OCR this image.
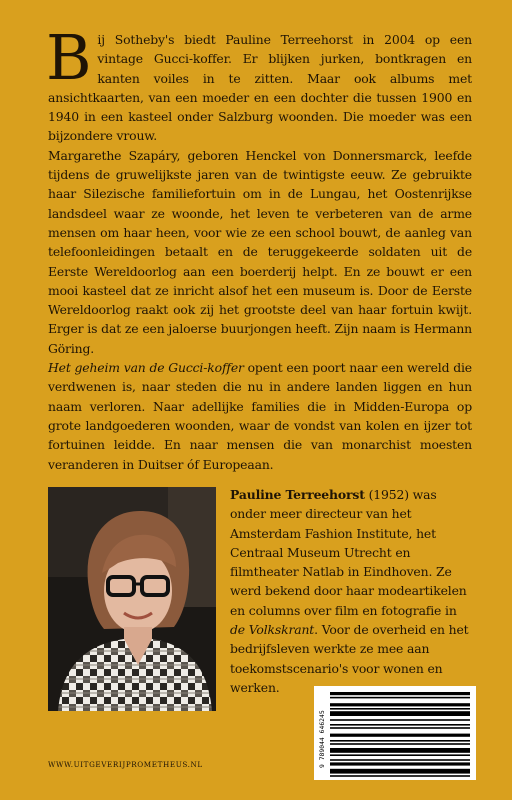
Bij Sotheby's biedt Pauline Terreehorst in 2004 op een vintage Gucci-koffer. Er blijken jurken, bontkragen en kanten voiles in te zitten. Maar ook albums met ansichtkaarten, van een moeder en een dochter die tussen 1900 en 1940 in een kasteel onder Salzburg woonden. Die moeder was een bijzondere vrouw.

Margarethe Szapáry, geboren Henckel von Donnersmarck, leefde tijdens de gruwelijkste jaren van de twintigste eeuw. Ze gebruikte haar Silezische familiefortuin om in de Lungau, het Oostenrijkse landsdeel waar ze woonde, het leven te verbeteren van de arme mensen om haar heen, voor wie ze een school bouwt, de aanleg van telefoonleidingen betaalt en de teruggekeerde soldaten uit de Eerste Wereldoorlog aan een boerderij helpt. En ze bouwt er een mooi kasteel dat ze inricht alsof het een museum is. Door de Eerste Wereldoorlog raakt ook zij het grootste deel van haar fortuin kwijt. Erger is dat ze een jaloerse buurjongen heeft. Zijn naam is Hermann Göring.

Het geheim van de Gucci-koffer opent een poort naar een wereld die verdwenen is, naar steden die nu in andere landen liggen en hun naam verloren. Naar adellijke families die in Midden-Europa op grote landgoederen woonden, waar de vondst van kolen en ijzer tot fortuinen leidde. En naar mensen die van monarchist moesten veranderen in Duitser óf Europeaan.

Pauline Terreehorst (1952) was onder meer directeur van het Amsterdam Fashion Institute, het Centraal Museum Utrecht en filmtheater Natlab in Eindhoven. Ze werd bekend door haar modeartikelen en columns over film en fotografie in de Volkskrant. Voor de overheid en het bedrijfsleven werkte ze mee aan toekomstscenario's voor wonen en werken.

9 789044 646245
WWW.UITGEVERIJPROMETHEUS.NL
